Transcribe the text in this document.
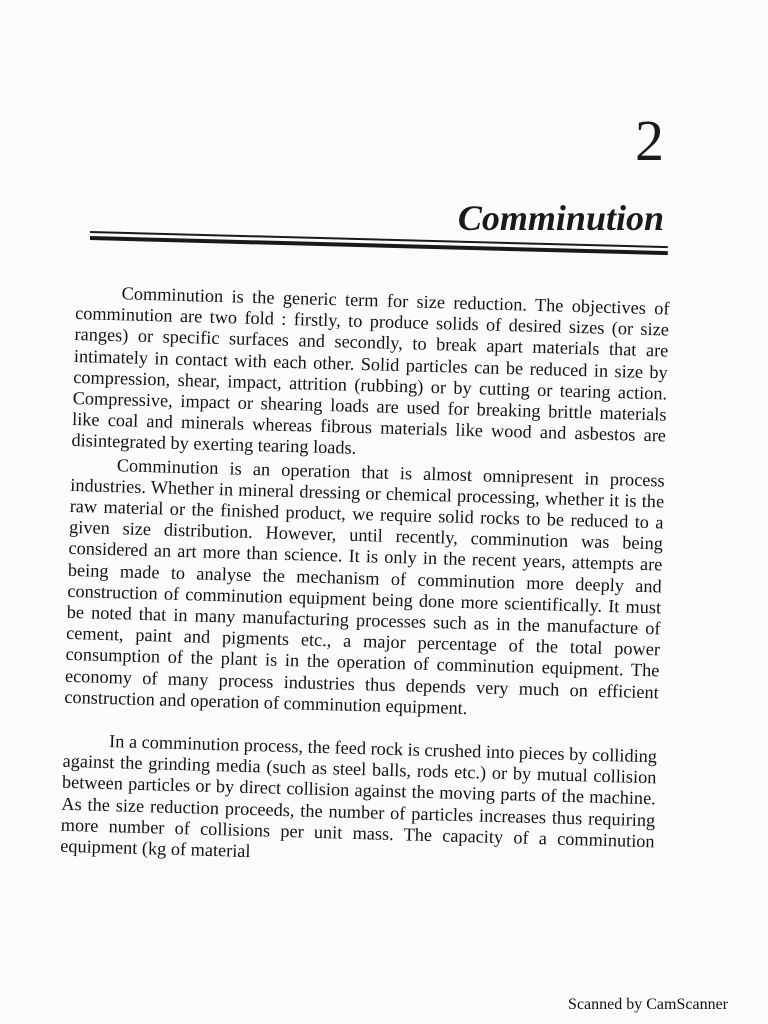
2
Comminution

Comminution is the generic term for size reduction. The objectives of comminution are two fold : firstly, to produce solids of desired sizes (or size ranges) or specific surfaces and secondly, to break apart materials that are intimately in contact with each other. Solid particles can be reduced in size by compression, shear, impact, attrition (rubbing) or by cutting or tearing action. Compressive, impact or shearing loads are used for breaking brittle materials like coal and minerals whereas fibrous materials like wood and asbestos are disintegrated by exerting tearing loads.

Comminution is an operation that is almost omnipresent in process industries. Whether in mineral dressing or chemical processing, whether it is the raw material or the finished product, we require solid rocks to be reduced to a given size distribution. However, until recently, comminution was being considered an art more than science. It is only in the recent years, attempts are being made to analyse the mechanism of comminution more deeply and construction of comminution equipment being done more scientifically. It must be noted that in many manufacturing processes such as in the manufacture of cement, paint and pigments etc., a major percentage of the total power consumption of the plant is in the operation of comminution equipment. The economy of many process industries thus depends very much on efficient construction and operation of comminution equipment.

In a comminution process, the feed rock is crushed into pieces by colliding against the grinding media (such as steel balls, rods etc.) or by mutual collision between particles or by direct collision against the moving parts of the machine. As the size reduction proceeds, the number of particles increases thus requiring more number of collisions per unit mass. The capacity of a comminution equipment (kg of material

Scanned by CamScanner
